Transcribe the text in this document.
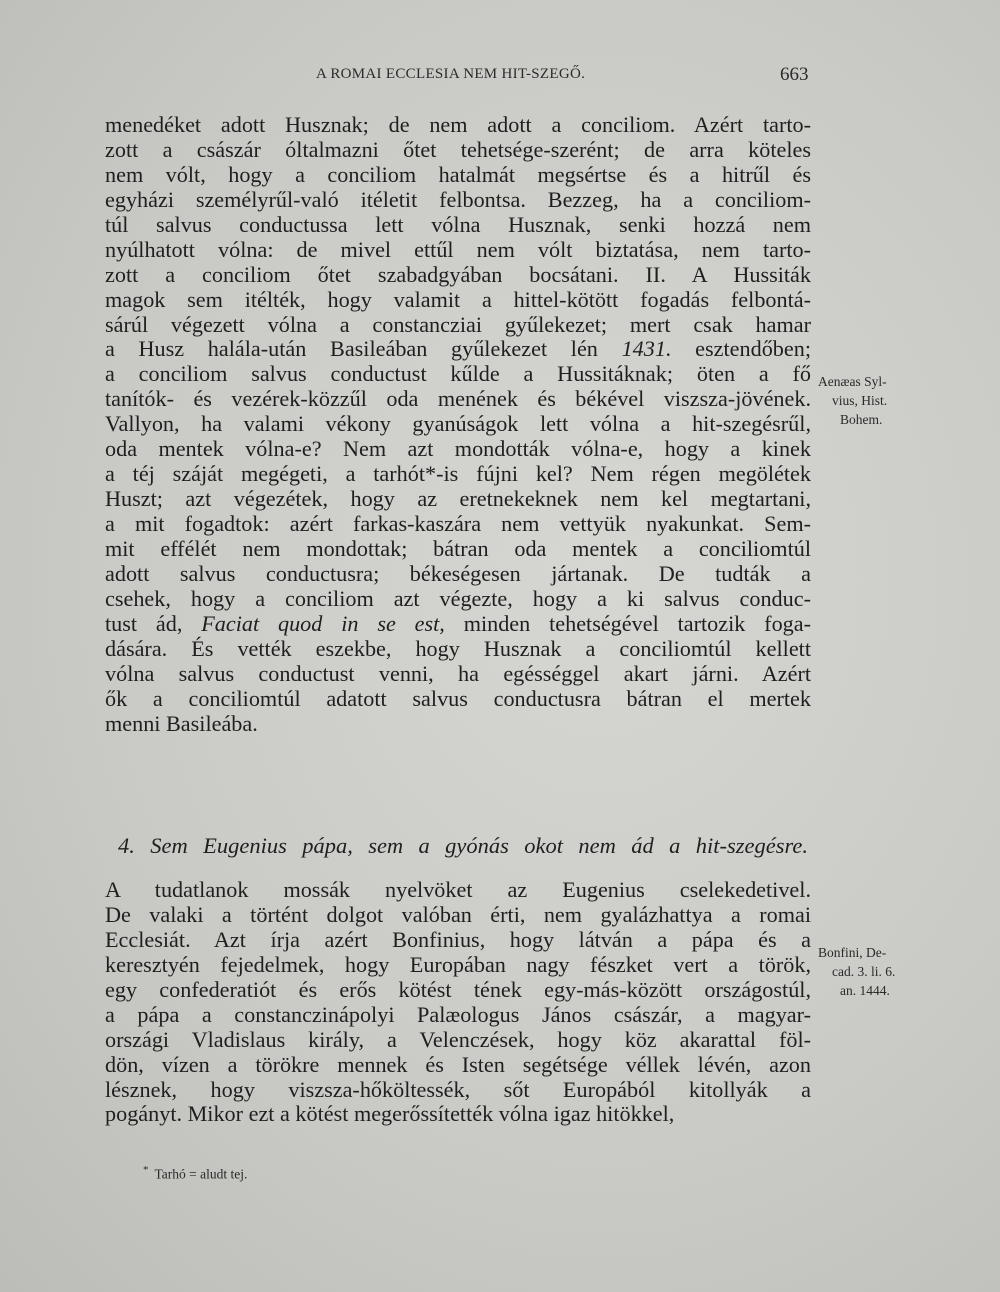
A ROMAI ECCLESIA NEM HIT-SZEGŐ.	663
menedéket adott Husznak; de nem adott a conciliom. Azért tarto-
zott a császár óltalmazni őtet tehetsége-szerént; de arra köteles
nem vólt, hogy a conciliom hatalmát megsértse és a hitrűl és
egyházi személyrűl-való itéletit felbontsa. Bezzeg, ha a conciliom-
túl salvus conductussa lett vólna Husznak, senki hozzá nem
nyúlhatott vólna: de mivel ettűl nem vólt biztatása, nem tarto-
zott a conciliom őtet szabadgyában bocsátani. II. A Hussiták
magok sem itélték, hogy valamit a hittel-kötött fogadás felbontá-
sárúl végezett vólna a constancziai gyűlekezet; mert csak hamar
a Husz halála-után Basileában gyűlekezet lén 1431. esztendőben;
a conciliom salvus conductust kűlde a Hussitáknak; öten a fő
tanítók- és vezérek-közzűl oda menének és békével viszsza-jövének.
Vallyon, ha valami vékony gyanúságok lett vólna a hit-szegésrűl,
oda mentek vólna-e? Nem azt mondották vólna-e, hogy a kinek
a téj száját megégeti, a tarhót*-is fújni kel? Nem régen megölétek
Huszt; azt végezétek, hogy az eretnekeknek nem kel megtartani,
a mit fogadtok: azért farkas-kaszára nem vettyük nyakunkat. Sem-
mit effélét nem mondottak; bátran oda mentek a conciliomtúl
adott salvus conductusra; békeségesen jártanak. De tudták a
csehek, hogy a conciliom azt végezte, hogy a ki salvus conduc-
tust ád, Faciat quod in se est, minden tehetségével tartozik foga-
dására. És vették eszekbe, hogy Husznak a conciliomtúl kellett
vólna salvus conductust venni, ha egésséggel akart járni. Azért
ők a conciliomtúl adatott salvus conductusra bátran el mertek
menni Basileába.
4. Sem Eugenius pápa, sem a gyónás okot nem ád a hit-szegésre.
A tudatlanok mossák nyelvöket az Eugenius cselekedetivel.
De valaki a történt dolgot valóban érti, nem gyalázhattya a romai
Ecclesiát. Azt írja azért Bonfinius, hogy látván a pápa és a
keresztyén fejedelmek, hogy Europában nagy fészket vert a török,
egy confederatiót és erős kötést tének egy-más-között országostúl,
a pápa a constanczinápolyi Palæologus János császár, a magyar-
országi Vladislaus király, a Velenczések, hogy köz akarattal föl-
dön, vízen a törökre mennek és Isten segétsége véllek lévén, azon
lésznek, hogy viszsza-hőköltessék, sőt Europából kitollyák a
pogányt. Mikor ezt a kötést megerőssítették vólna igaz hitökkel,
Aenæas Syl-
vius, Hist.
Bohem.
Bonfini, De-
cad. 3. li. 6.
an. 1444.
* Tarhó = aludt tej.
